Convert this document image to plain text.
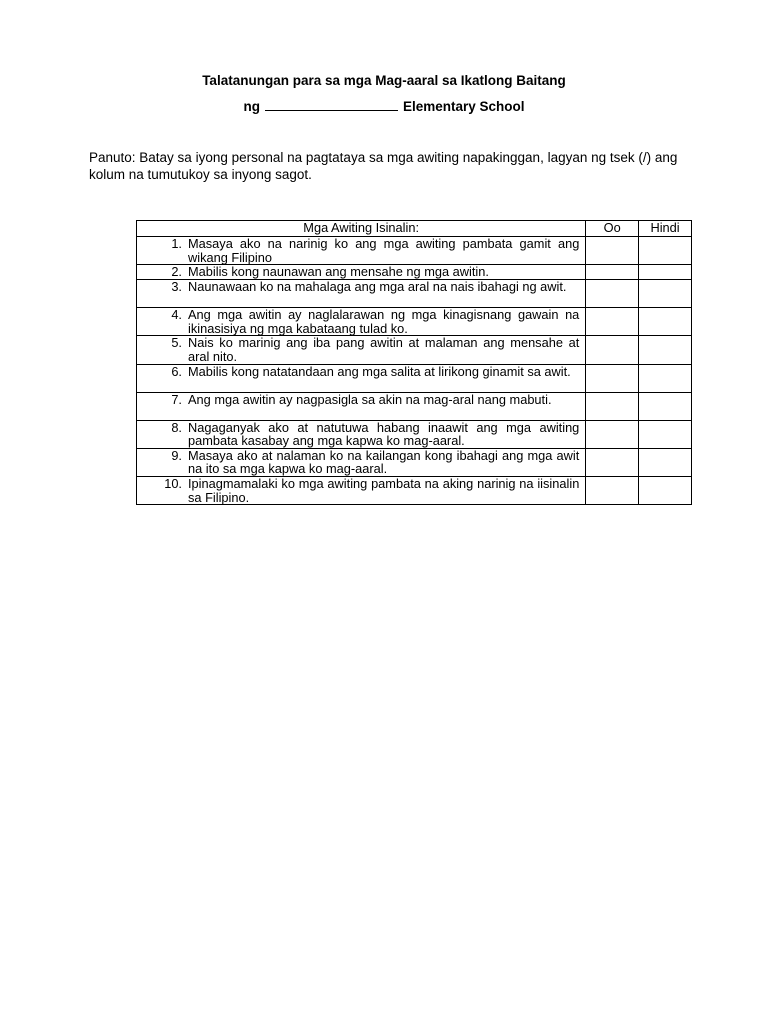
Talatanungan para sa mga Mag-aaral sa Ikatlong Baitang
ng	Elementary School
Panuto: Batay sa iyong personal na pagtataya sa mga awiting napakinggan, lagyan ng tsek (/) ang kolum na tumutukoy sa inyong sagot.
Mga Awiting Isinalin:	Oo	Hindi

1. Masaya ako na narinig ko ang mga awiting pambata gamit ang wikang Filipino		

2. Mabilis kong naunawan ang mensahe ng mga awitin.		

3. Naunawaan ko na mahalaga ang mga aral na nais ibahagi ng awit.		

4. Ang mga awitin ay naglalarawan ng mga kinagisnang gawain na ikinasisiya ng mga kabataang tulad ko.		

5. Nais ko marinig ang iba pang awitin at malaman ang mensahe at aral nito.		

6. Mabilis kong natatandaan ang mga salita at lirikong ginamit sa awit.		

7. Ang mga awitin ay nagpasigla sa akin na mag-aral nang mabuti.		

8. Nagaganyak ako at natutuwa habang inaawit ang mga awiting pambata kasabay ang mga kapwa ko mag-aaral.		

9. Masaya ako at nalaman ko na kailangan kong ibahagi ang mga awit na ito sa mga kapwa ko mag-aaral.		

10. Ipinagmamalaki ko mga awiting pambata na aking narinig na iisinalin sa Filipino.		
